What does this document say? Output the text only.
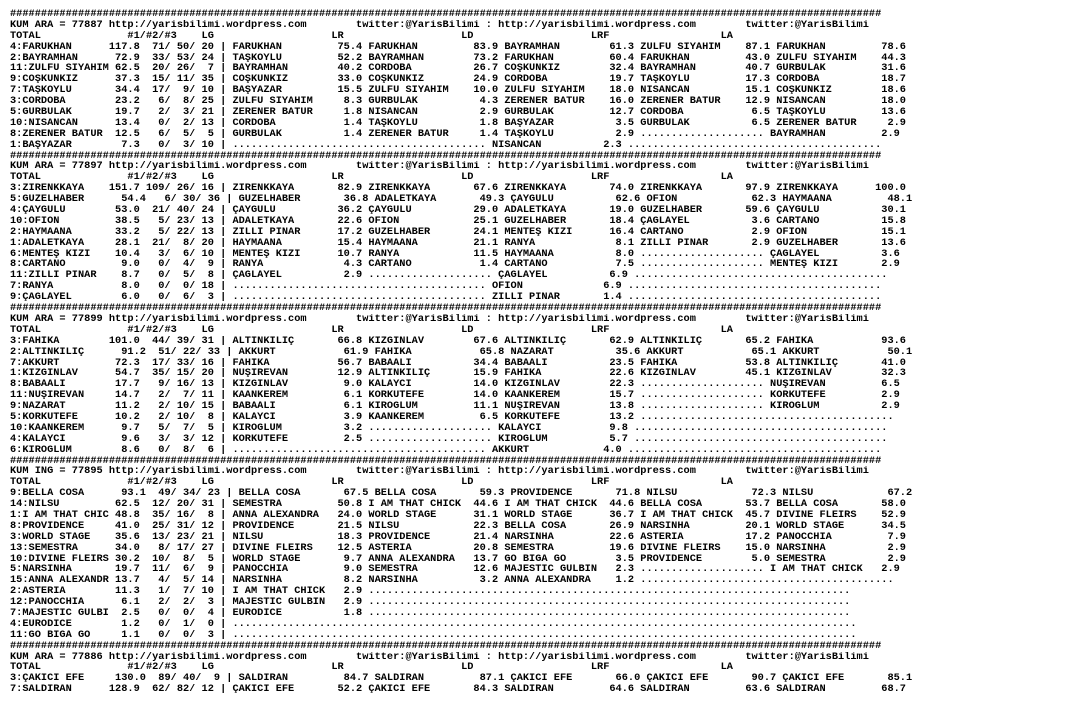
#############################################################################################################################################
KUM ARA = 77887 http://yarisbilimi.wordpress.com        twitter:@YarisBilimi : http://yarisbilimi.wordpress.com        twitter:@YarisBilimi
TOTAL              #1/#2/#3    LG                   LR                   LD                   LRF                  LA
4:FARUKHAN      117.8  71/ 50/ 20 | FARUKHAN         75.4 FARUKHAN         83.9 BAYRAMHAN        61.3 ZÜLFÜ SIYAHIM    87.1 FARUKHAN         78.6
2:BAYRAMHAN      72.9  33/ 53/ 24 | TAŞKÖYLÜ         52.2 BAYRAMHAN        73.2 FARUKHAN         60.4 FARUKHAN         43.0 ZÜLFÜ SIYAHIM    44.3
11:ZÜLFÜ SIYAHIM 62.5  20/ 26/  7 | BAYRAMHAN        40.2 CORDOBA          26.7 COŞKUNKIZ        32.4 BAYRAMHAN        40.7 GÜRBULAK         31.6
9:COŞKUNKIZ      37.3  15/ 11/ 35 | COŞKUNKIZ        33.0 COŞKUNKIZ        24.9 CORDOBA          19.7 TAŞKÖYLÜ         17.3 CORDOBA          18.7
7:TAŞKÖYLÜ       34.4  17/  9/ 10 | BAŞYAZAR         15.5 ZÜLFÜ SIYAHIM    10.0 ZÜLFÜ SIYAHIM    18.0 NISANCAN         15.1 COŞKUNKIZ        18.6
3:CORDOBA        23.2   6/  8/ 25 | ZÜLFÜ SIYAHIM     8.3 GÜRBULAK          4.3 ZERENER BATUR    16.0 ZERENER BATUR    12.9 NISANCAN         18.0
5:GÜRBULAK       19.7   2/  3/ 21 | ZERENER BATUR     1.8 NISANCAN          2.9 GÜRBULAK         12.7 CORDOBA           6.5 TAŞKÖYLÜ         13.6
10:NISANCAN      13.4   0/  2/ 13 | CORDOBA           1.4 TAŞKÖYLÜ          1.8 BAŞYAZAR          3.5 GÜRBULAK          6.5 ZERENER BATUR     2.9
8:ZERENER BATUR  12.5   6/  5/  5 | GÜRBULAK          1.4 ZERENER BATUR     1.4 TAŞKÖYLÜ          2.9 .................... BAYRAMHAN         2.9
1:BAŞYAZAR        7.3   0/  3/ 10 | ......................................... NISANCAN          2.3 .........................................
#############################################################################################################################################
KUM ARA = 77897 http://yarisbilimi.wordpress.com        twitter:@YarisBilimi : http://yarisbilimi.wordpress.com        twitter:@YarisBilimi
TOTAL              #1/#2/#3    LG                   LR                   LD                   LRF                  LA
3:ZIRENKKAYA    151.7 109/ 26/ 16 | ZIRENKKAYA       82.9 ZIRENKKAYA       67.6 ZIRENKKAYA       74.0 ZIRENKKAYA       97.9 ZIRENKKAYA      100.0
5:GÜZELHABER      54.4   6/ 30/ 36 | GÜZELHABER       36.8 ADALETKAYA       49.3 ÇAYGÜLÜ          62.6 OFION            62.3 HAYMAANA         48.1
4:ÇAYGÜLÜ        53.0  21/ 40/ 24 | ÇAYGÜLÜ          36.2 ÇAYGÜLÜ          29.0 ADALETKAYA       19.0 GÜZELHABER       59.6 ÇAYGÜLÜ          30.1
10:OFION         38.5   5/ 23/ 13 | ADALETKAYA       22.6 OFION            25.1 GÜZELHABER       18.4 ÇAĞLAYEL          3.6 CARTANO          15.8
2:HAYMAANA       33.2   5/ 22/ 13 | ZILLI PINAR      17.2 GÜZELHABER       24.1 MENTEŞ KIZI      16.4 CARTANO           2.9 OFION            15.1
1:ADALETKAYA     28.1  21/  8/ 20 | HAYMAANA         15.4 HAYMAANA         21.1 RANYA             8.1 ZILLI PINAR       2.9 GÜZELHABER       13.6
6:MENTEŞ KIZI    10.4   3/  6/ 10 | MENTEŞ KIZI      10.7 RANYA            11.5 HAYMAANA          8.0 .................... ÇAĞLAYEL          3.6
8:CARTANO         9.0   0/  4/  9 | RANYA             4.3 CARTANO           1.4 CARTANO           7.5 .................... MENTEŞ KIZI       2.9
11:ZILLI PINAR    8.7   0/  5/  8 | ÇAĞLAYEL          2.9 .................... ÇAĞLAYEL          6.9 .........................................
7:RANYA           8.0   0/  0/ 18 | ......................................... OFION             6.9 .........................................
9:ÇAĞLAYEL        6.0   0/  6/  3 | ......................................... ZILLI PINAR       1.4 .........................................
#############################################################################################################################################
KUM ARA = 77899 http://yarisbilimi.wordpress.com        twitter:@YarisBilimi : http://yarisbilimi.wordpress.com        twitter:@YarisBilimi
TOTAL              #1/#2/#3    LG                   LR                   LD                   LRF                  LA
3:FAHIKA        101.0  44/ 39/ 31 | ALTINKILIÇ       66.8 KIZGINLAV        67.6 ALTINKILIÇ       62.9 ALTINKILIÇ       65.2 FAHIKA           93.6
2:ALTINKILIÇ      91.2  51/ 22/ 33 | AKKURT           61.9 FAHIKA           65.8 NAZARAT          35.6 AKKURT           65.1 AKKURT           50.1
7:AKKURT         72.3  17/ 33/ 16 | FAHIKA           56.7 BABAALI          34.4 BABAALI          23.5 FAHIKA           53.8 ALTINKILIÇ       41.0
1:KIZGINLAV      54.7  35/ 15/ 20 | NUŞIREVAN        12.9 ALTINKILIÇ       15.9 FAHIKA           22.6 KIZGINLAV        45.1 KIZGINLAV        32.3
8:BABAALI        17.7   9/ 16/ 13 | KIZGINLAV         9.0 KALAYCI          14.0 KIZGINLAV        22.3 .................... NUŞIREVAN         6.5
11:NUŞIREVAN     14.7   2/  7/ 11 | KAANKEREM         6.1 KORKUTEFE        14.0 KAANKEREM        15.7 .................... KORKUTEFE         2.9
9:NAZARAT        11.2   2/ 10/ 15 | BABAALI           6.1 KIROĞLUM         11.1 NUŞIREVAN        13.8 .................... KIROĞLUM          2.9
5:KORKUTEFE      10.2   2/ 10/  8 | KALAYCI           3.9 KAANKEREM         6.5 KORKUTEFE        13.2 .........................................
10:KAANKEREM      9.7   5/  7/  5 | KIROĞLUM          3.2 .................... KALAYCI           9.8 .........................................
4:KALAYCI         9.6   3/  3/ 12 | KORKUTEFE         2.5 .................... KIROĞLUM          5.7 .........................................
6:KIROĞLUM        8.6   0/  8/  6 | ......................................... AKKURT            4.0 .........................................
#############################################################################################################################################
KUM ING = 77895 http://yarisbilimi.wordpress.com        twitter:@YarisBilimi : http://yarisbilimi.wordpress.com        twitter:@YarisBilimi
TOTAL              #1/#2/#3    LG                   LR                   LD                   LRF                  LA
9:BELLA COSA      93.1  49/ 34/ 23 | BELLA COSA       67.5 BELLA COSA       59.3 PROVIDENCE       71.8 NILSU            72.3 NILSU            67.2
14:NILSU         62.5  12/ 20/ 31 | SEMESTRA         50.8 I AM THAT CHICK  44.6 I AM THAT CHICK  44.6 BELLA COSA       53.7 BELLA COSA       58.0
1:I AM THAT CHIC 48.8  35/ 16/  8 | ANNA ALEXANDRA   24.0 WORLD STAGE      31.1 WORLD STAGE      36.7 I AM THAT CHICK  45.7 DIVINE FLEIRS    52.9
8:PROVIDENCE     41.0  25/ 31/ 12 | PROVIDENCE       21.5 NILSU            22.3 BELLA COSA       26.9 NARSINHA         20.1 WORLD STAGE      34.5
3:WORLD STAGE    35.6  13/ 23/ 21 | NILSU            18.3 PROVIDENCE       21.4 NARSINHA         22.6 ASTERIA          17.2 PANOCCHIA         7.9
13:SEMESTRA      34.0   8/ 17/ 27 | DIVINE FLEIRS    12.5 ASTERIA          20.8 SEMESTRA         19.6 DIVINE FLEIRS    15.0 NARSINHA          2.9
10:DIVINE FLEIRS 30.2  10/  8/  5 | WORLD STAGE       9.7 ANNA ALEXANDRA   13.7 GO BIGA GO        3.5 PROVIDENCE        5.0 SEMESTRA          2.9
5:NARSINHA       19.7  11/  6/  9 | PANOCCHIA         9.0 SEMESTRA         12.6 MAJESTIC GÜLBIN   2.3 .................... I AM THAT CHICK   2.9
15:ANNA ALEXANDR 13.7   4/  5/ 14 | NARSINHA          8.2 NARSINHA          3.2 ANNA ALEXANDRA    1.2 .........................................
2:ASTERIA        11.3   1/  7/ 10 | I AM THAT CHICK   2.9 ..............................................................................
12:PANOCCHIA      6.1   2/  2/  3 | MAJESTIC GÜLBIN   2.9 ..............................................................................
7:MAJESTIC GÜLBI  2.5   0/  0/  4 | EURODICE          1.8 ..............................................................................
4:EURODICE        1.2   0/  1/  0 | .....................................................................................................
11:GO BIGA GO     1.1   0/  0/  3 | .....................................................................................................
#############################################################################################################################################
KUM ARA = 77886 http://yarisbilimi.wordpress.com        twitter:@YarisBilimi : http://yarisbilimi.wordpress.com        twitter:@YarisBilimi
TOTAL              #1/#2/#3    LG                   LR                   LD                   LRF                  LA
3:ÇAKICI EFE     130.0  89/ 40/  9 | SALDIRAN         84.7 SALDIRAN         87.1 ÇAKICI EFE       66.0 ÇAKICI EFE       90.7 ÇAKICI EFE       85.1
7:SALDIRAN      128.9  62/ 82/ 12 | ÇAKICI EFE       52.2 ÇAKICI EFE       84.3 SALDIRAN         64.6 SALDIRAN         63.6 SALDIRAN         68.7
